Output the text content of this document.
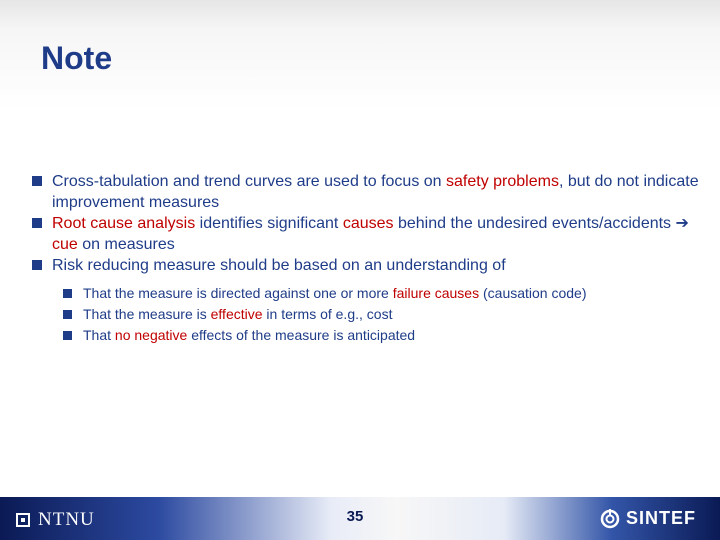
Note
Cross-tabulation and trend curves are used to focus on safety problems, but do not indicate improvement measures
Root cause analysis identifies significant causes behind the undesired events/accidents ➔ cue on measures
Risk reducing measure should be based on an understanding of
That the measure is directed against one or more failure causes (causation code)
That the measure is effective in terms of e.g., cost
That no negative effects of the measure is anticipated
NTNU	35	SINTEF
